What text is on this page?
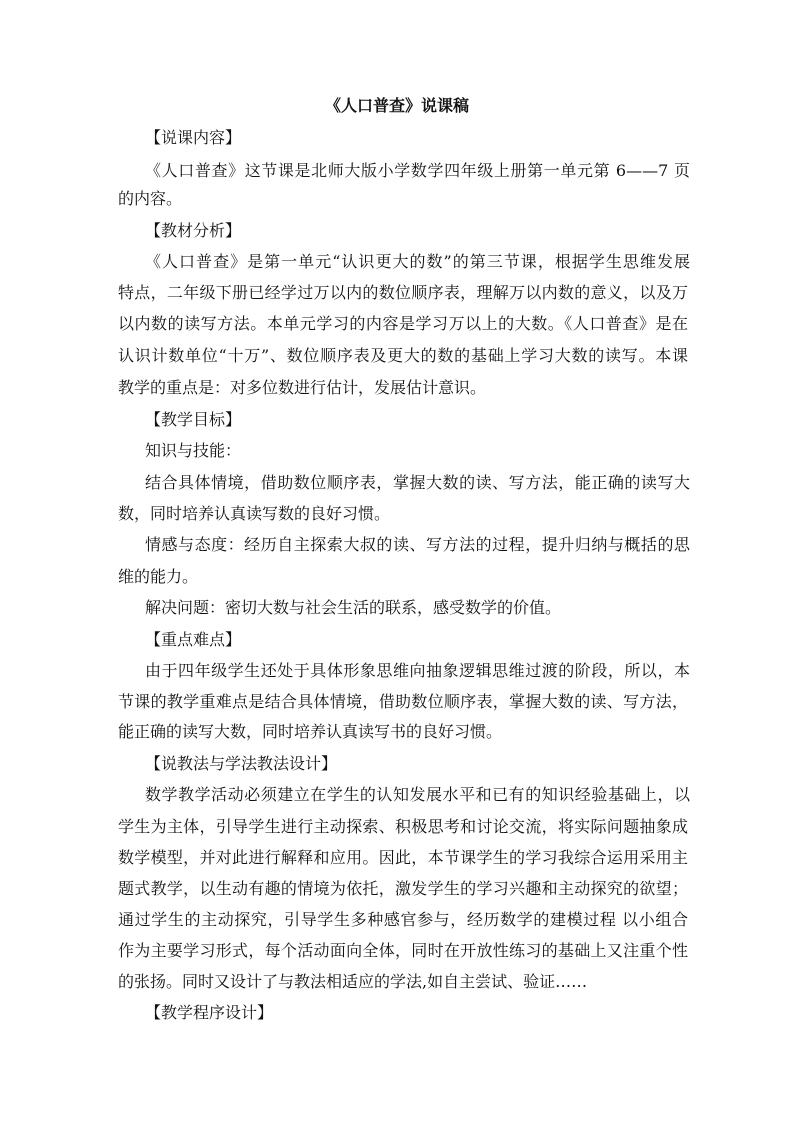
《人口普查》说课稿
【说课内容】
《人口普查》这节课是北师大版小学数学四年级上册第一单元第 6——7 页
的内容。
【教材分析】
《人口普查》是第一单元“认识更大的数”的第三节课，根据学生思维发展
特点，二年级下册已经学过万以内的数位顺序表，理解万以内数的意义，以及万
以内数的读写方法。本单元学习的内容是学习万以上的大数。《人口普查》是在
认识计数单位“十万”、数位顺序表及更大的数的基础上学习大数的读写。本课
教学的重点是：对多位数进行估计，发展估计意识。
【教学目标】
知识与技能：
结合具体情境，借助数位顺序表，掌握大数的读、写方法，能正确的读写大
数，同时培养认真读写数的良好习惯。
情感与态度：经历自主探索大叔的读、写方法的过程，提升归纳与概括的思
维的能力。
解决问题：密切大数与社会生活的联系，感受数学的价值。
【重点难点】
由于四年级学生还处于具体形象思维向抽象逻辑思维过渡的阶段，所以，本
节课的教学重难点是结合具体情境，借助数位顺序表，掌握大数的读、写方法，
能正确的读写大数，同时培养认真读写书的良好习惯。
【说教法与学法教法设计】
数学教学活动必须建立在学生的认知发展水平和已有的知识经验基础上，以
学生为主体，引导学生进行主动探索、积极思考和讨论交流，将实际问题抽象成
数学模型，并对此进行解释和应用。因此，本节课学生的学习我综合运用采用主
题式教学，以生动有趣的情境为依托，激发学生的学习兴趣和主动探究的欲望；
通过学生的主动探究，引导学生多种感官参与，经历数学的建模过程 以小组合
作为主要学习形式，每个活动面向全体，同时在开放性练习的基础上又注重个性
的张扬。同时又设计了与教法相适应的学法,如自主尝试、验证……
【教学程序设计】
